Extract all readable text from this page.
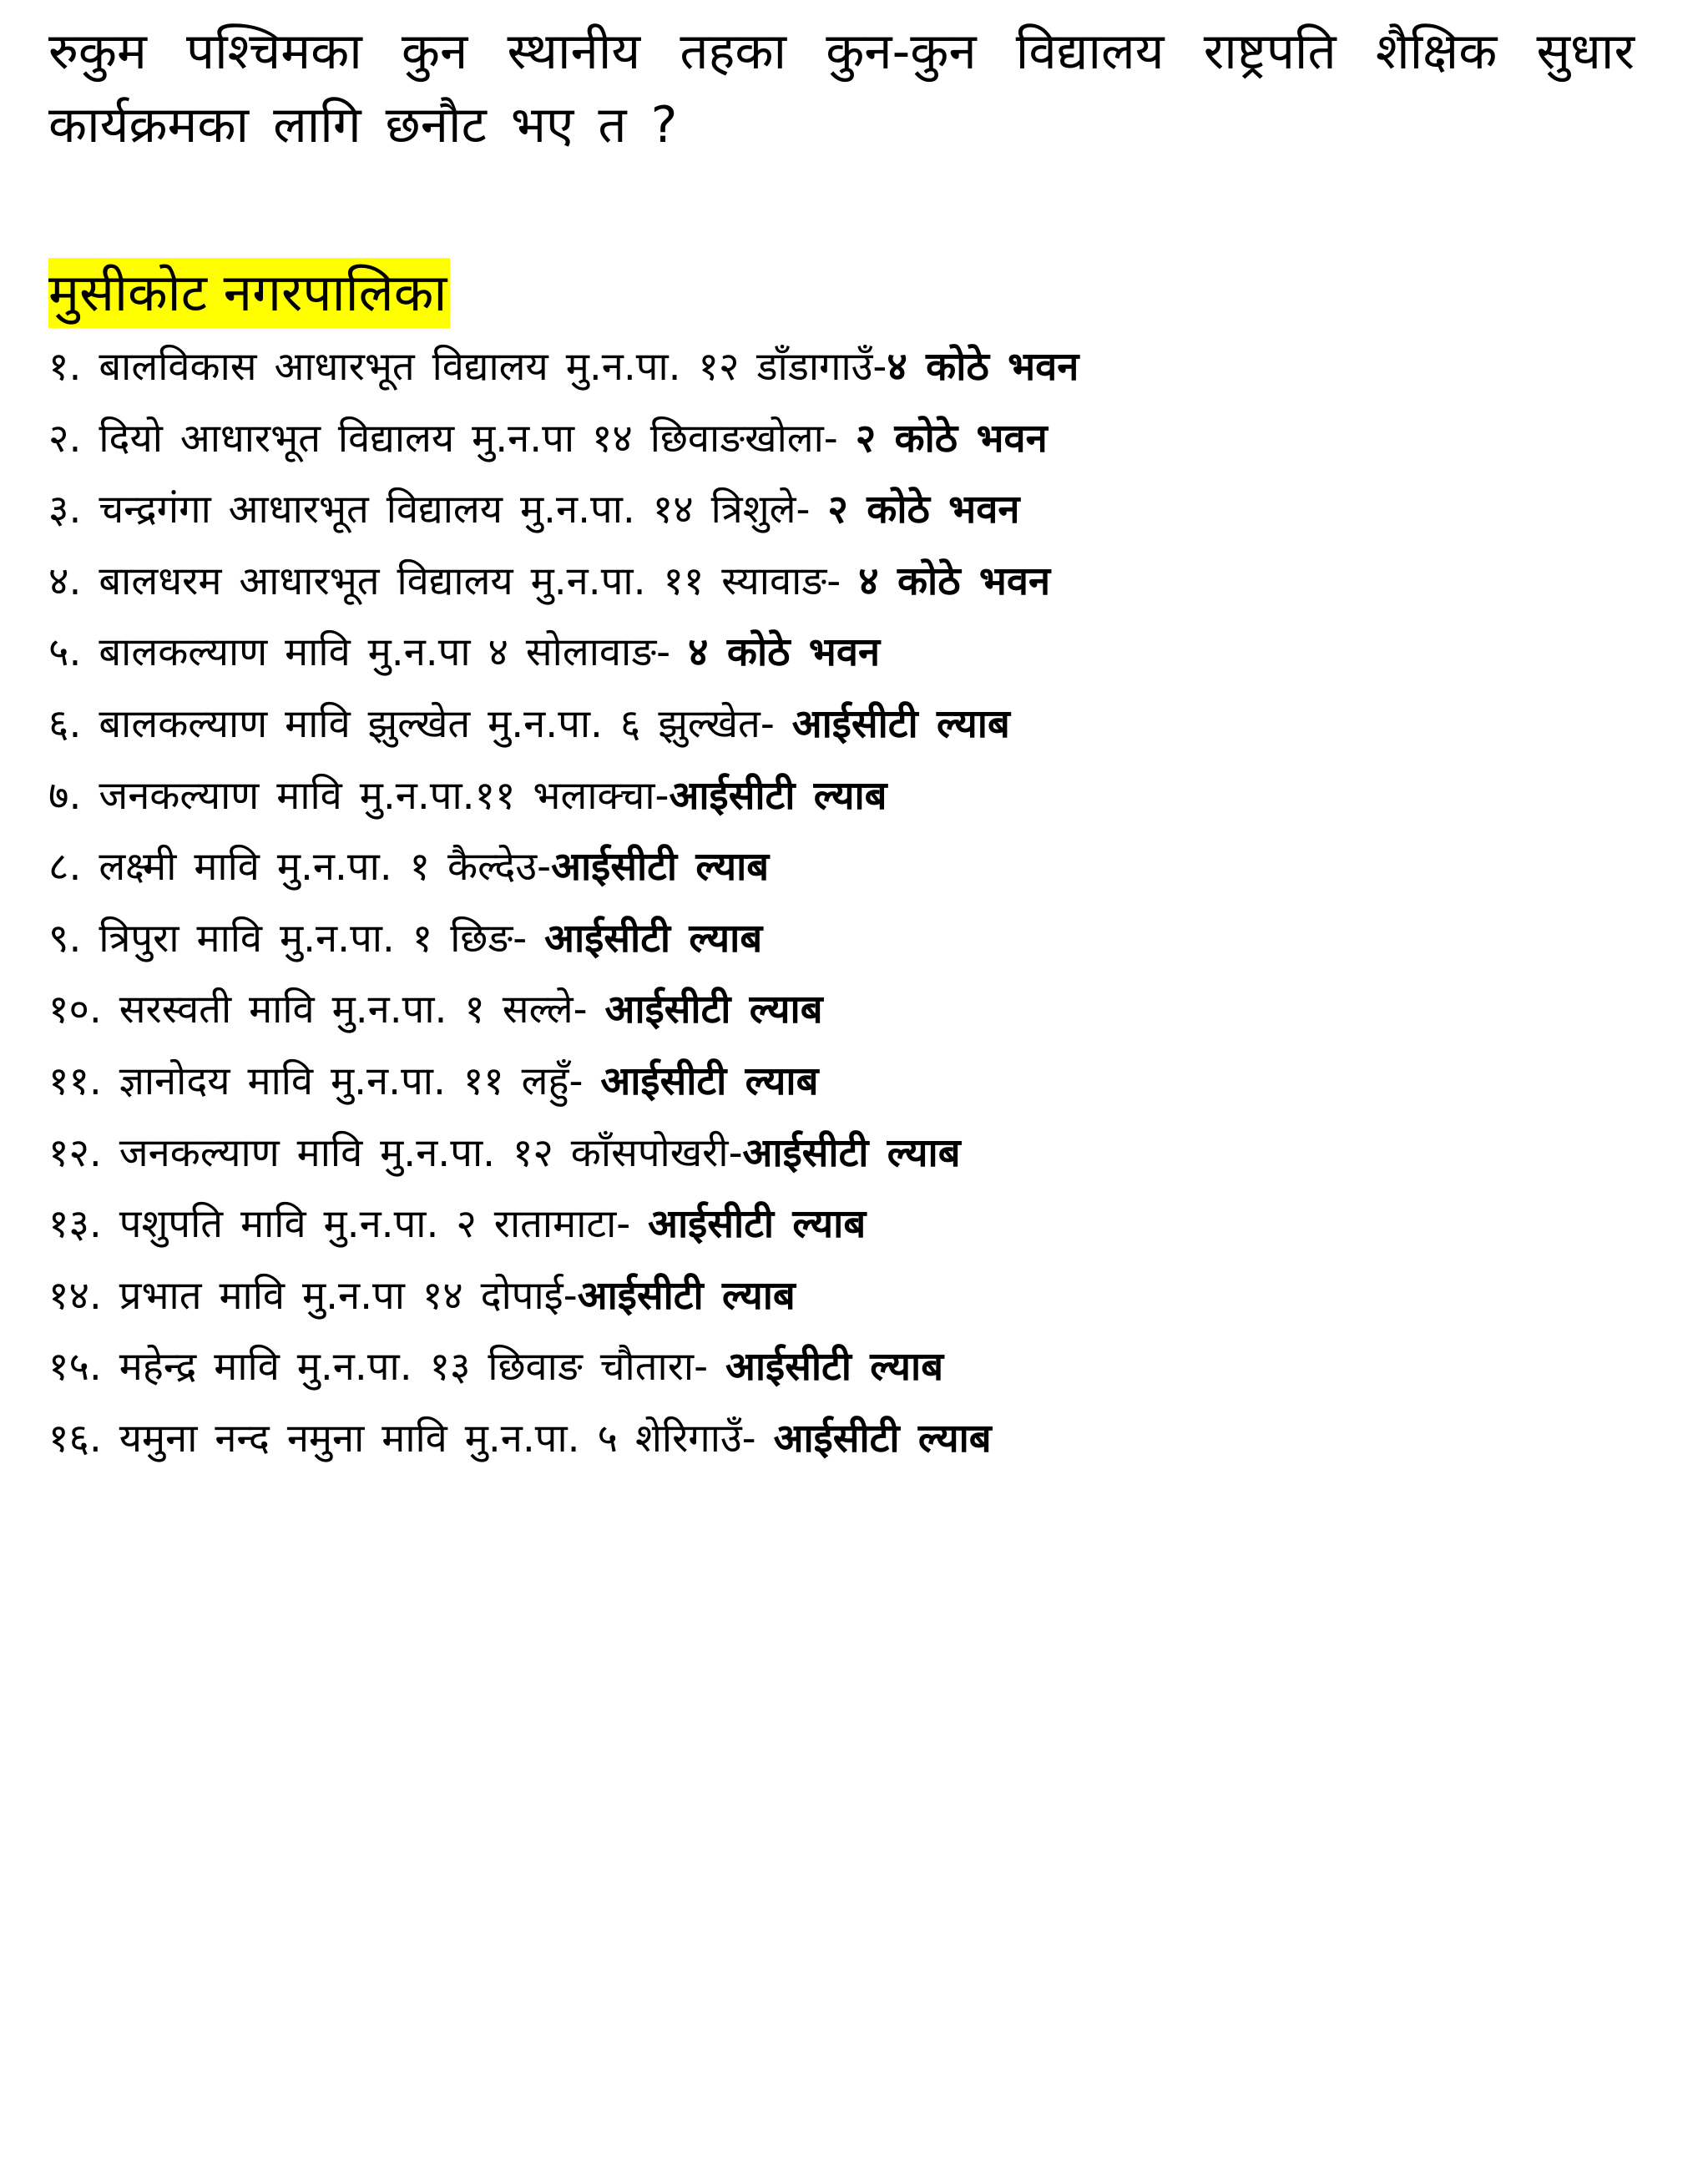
रुकुम पश्चिमका कुन स्थानीय तहका कुन-कुन विद्यालय राष्ट्रपति शैक्षिक सुधार कार्यक्रमका लागि छनौट भए त ?

मुसीकोट नगरपालिका
१. बालविकास आधारभूत विद्यालय मु.न.पा. १२ डाँडागाउँ-४ कोठे भवन
२. दियो आधारभूत विद्यालय मु.न.पा १४ छिवाङखोला- २ कोठे भवन
३. चन्द्रगंगा आधारभूत विद्यालय मु.न.पा. १४ त्रिशुले- २ कोठे भवन
४. बालधरम आधारभूत विद्यालय मु.न.पा. ११ स्यावाङ- ४ कोठे भवन
५. बालकल्याण मावि मु.न.पा ४ सोलावाङ- ४ कोठे भवन
६. बालकल्याण मावि झुल्खेत मु.न.पा. ६ झुल्खेत- आईसीटी ल्याब
७. जनकल्याण मावि मु.न.पा.११ भलाक्चा-आईसीटी ल्याब
८. लक्ष्मी मावि मु.न.पा. १ कैल्देउ-आईसीटी ल्याब
९. त्रिपुरा मावि मु.न.पा. १ छिङ- आईसीटी ल्याब
१०. सरस्वती मावि मु.न.पा. १ सल्ले- आईसीटी ल्याब
११. ज्ञानोदय मावि मु.न.पा. ११ लहुँ- आईसीटी ल्याब
१२. जनकल्याण मावि मु.न.पा. १२ काँसपोखरी-आईसीटी ल्याब
१३. पशुपति मावि मु.न.पा. २ रातामाटा- आईसीटी ल्याब
१४. प्रभात मावि मु.न.पा १४ दोपाई-आईसीटी ल्याब
१५. महेन्द्र मावि मु.न.पा. १३ छिवाङ चौतारा- आईसीटी ल्याब
१६. यमुना नन्द नमुना मावि मु.न.पा. ५ शेरिगाउँ- आईसीटी ल्याब
